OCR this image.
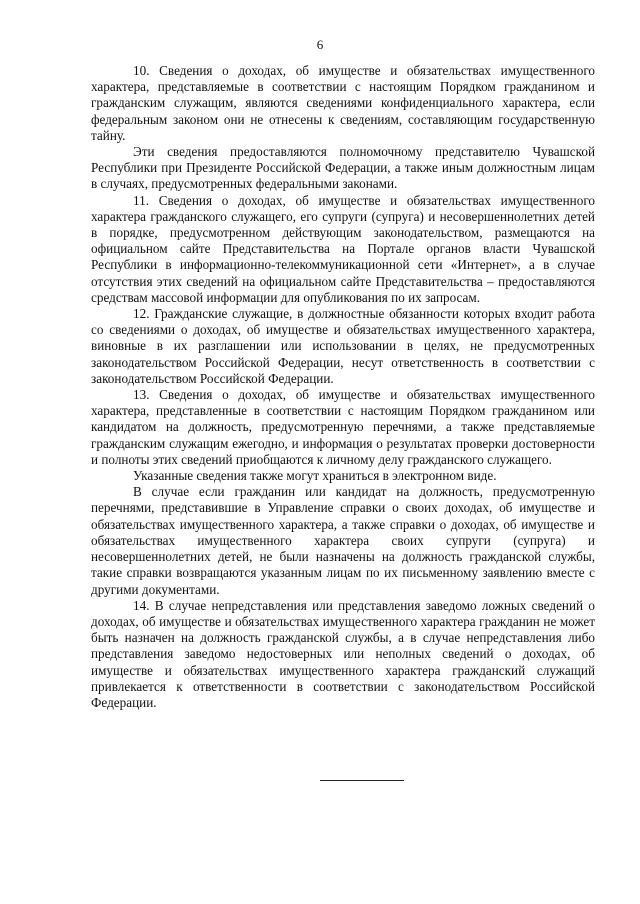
6

10. Сведения о доходах, об имуществе и обязательствах имущественного характера, представляемые в соответствии с настоящим Порядком гражданином и гражданским служащим, являются сведениями конфиденциального характера, если федеральным законом они не отнесены к сведениям, составляющим государственную тайну.

Эти сведения предоставляются полномочному представителю Чувашской Республики при Президенте Российской Федерации, а также иным должностным лицам в случаях, предусмотренных федеральными законами.

11. Сведения о доходах, об имуществе и обязательствах имущественного характера гражданского служащего, его супруги (супруга) и несовершеннолетних детей в порядке, предусмотренном действующим законодательством, размещаются на официальном сайте Представительства на Портале органов власти Чувашской Республики в информационно-телекоммуникационной сети «Интернет», а в случае отсутствия этих сведений на официальном сайте Представительства – предоставляются средствам массовой информации для опубликования по их запросам.

12. Гражданские служащие, в должностные обязанности которых входит работа со сведениями о доходах, об имуществе и обязательствах имущественного характера, виновные в их разглашении или использовании в целях, не предусмотренных законодательством Российской Федерации, несут ответственность в соответствии с законодательством Российской Федерации.

13. Сведения о доходах, об имуществе и обязательствах имущественного характера, представленные в соответствии с настоящим Порядком гражданином или кандидатом на должность, предусмотренную перечнями, а также представляемые гражданским служащим ежегодно, и информация о результатах проверки достоверности и полноты этих сведений приобщаются к личному делу гражданского служащего.

Указанные сведения также могут храниться в электронном виде.

В случае если гражданин или кандидат на должность, предусмотренную перечнями, представившие в Управление справки о своих доходах, об имуществе и обязательствах имущественного характера, а также справки о доходах, об имуществе и обязательствах имущественного характера своих супруги (супруга) и несовершеннолетних детей, не были назначены на должность гражданской службы, такие справки возвращаются указанным лицам по их письменному заявлению вместе с другими документами.

14. В случае непредставления или представления заведомо ложных сведений о доходах, об имуществе и обязательствах имущественного характера гражданин не может быть назначен на должность гражданской службы, а в случае непредставления либо представления заведомо недостоверных или неполных сведений о доходах, об имуществе и обязательствах имущественного характера гражданский служащий привлекается к ответственности в соответствии с законодательством Российской Федерации.
